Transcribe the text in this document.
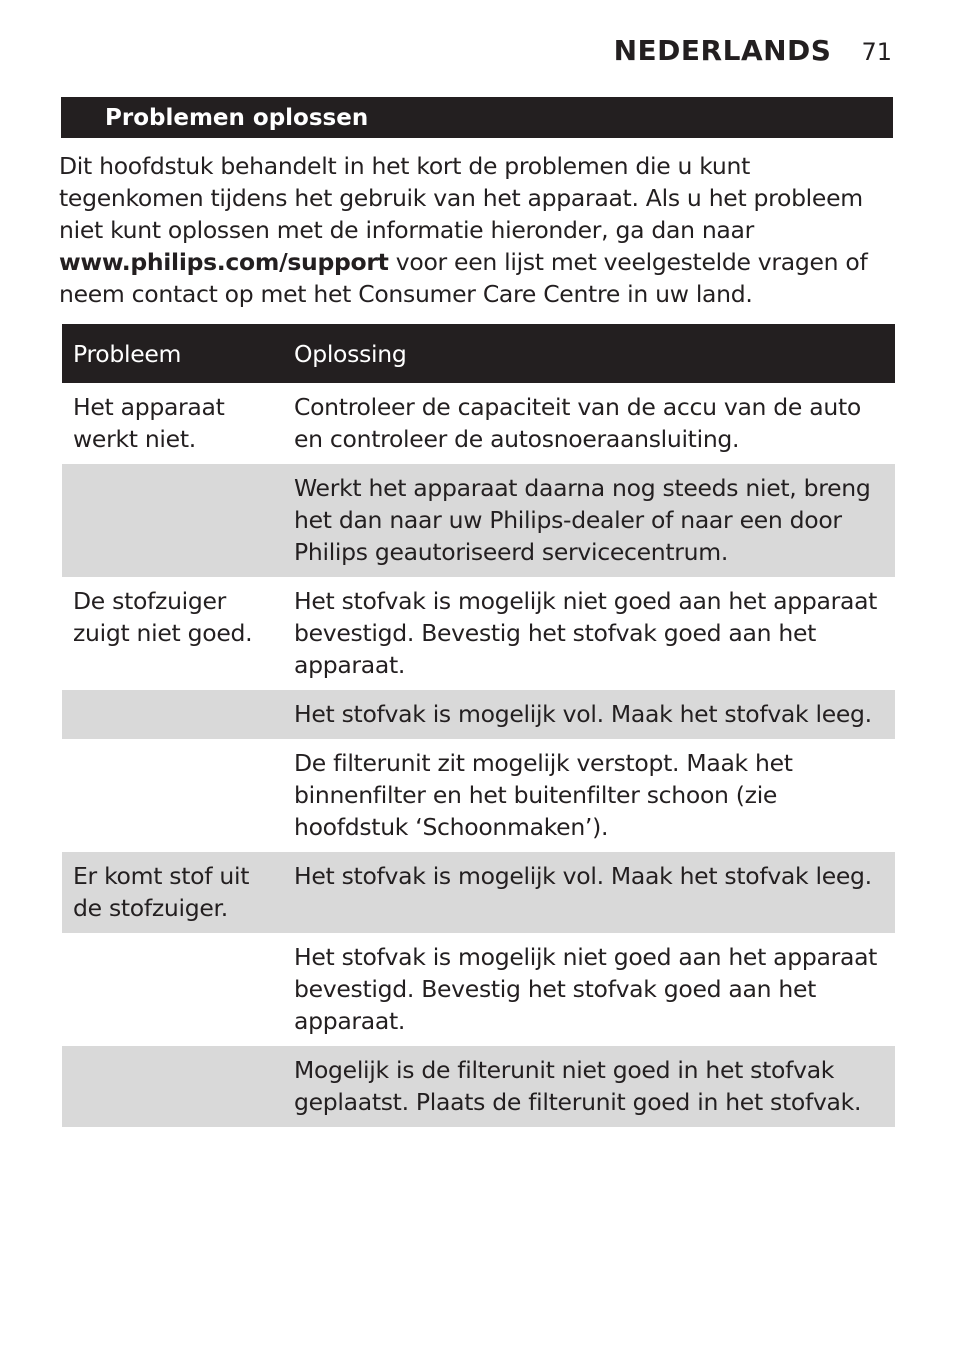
NEDERLANDS 71
Problemen oplossen

Dit hoofdstuk behandelt in het kort de problemen die u kunt tegenkomen tijdens het gebruik van het apparaat. Als u het probleem niet kunt oplossen met de informatie hieronder, ga dan naar www.philips.com/support voor een lijst met veelgestelde vragen of neem contact op met het Consumer Care Centre in uw land.

Probleem	Oplossing
Het apparaat werkt niet.	Controleer de capaciteit van de accu van de auto en controleer de autosnoeraansluiting.
	Werkt het apparaat daarna nog steeds niet, breng het dan naar uw Philips-dealer of naar een door Philips geautoriseerd servicecentrum.
De stofzuiger zuigt niet goed.	Het stofvak is mogelijk niet goed aan het apparaat bevestigd. Bevestig het stofvak goed aan het apparaat.
	Het stofvak is mogelijk vol. Maak het stofvak leeg.
	De filterunit zit mogelijk verstopt. Maak het binnenfilter en het buitenfilter schoon (zie hoofdstuk ‘Schoonmaken’).
Er komt stof uit de stofzuiger.	Het stofvak is mogelijk vol. Maak het stofvak leeg.
	Het stofvak is mogelijk niet goed aan het apparaat bevestigd. Bevestig het stofvak goed aan het apparaat.
	Mogelijk is de filterunit niet goed in het stofvak geplaatst. Plaats de filterunit goed in het stofvak.
